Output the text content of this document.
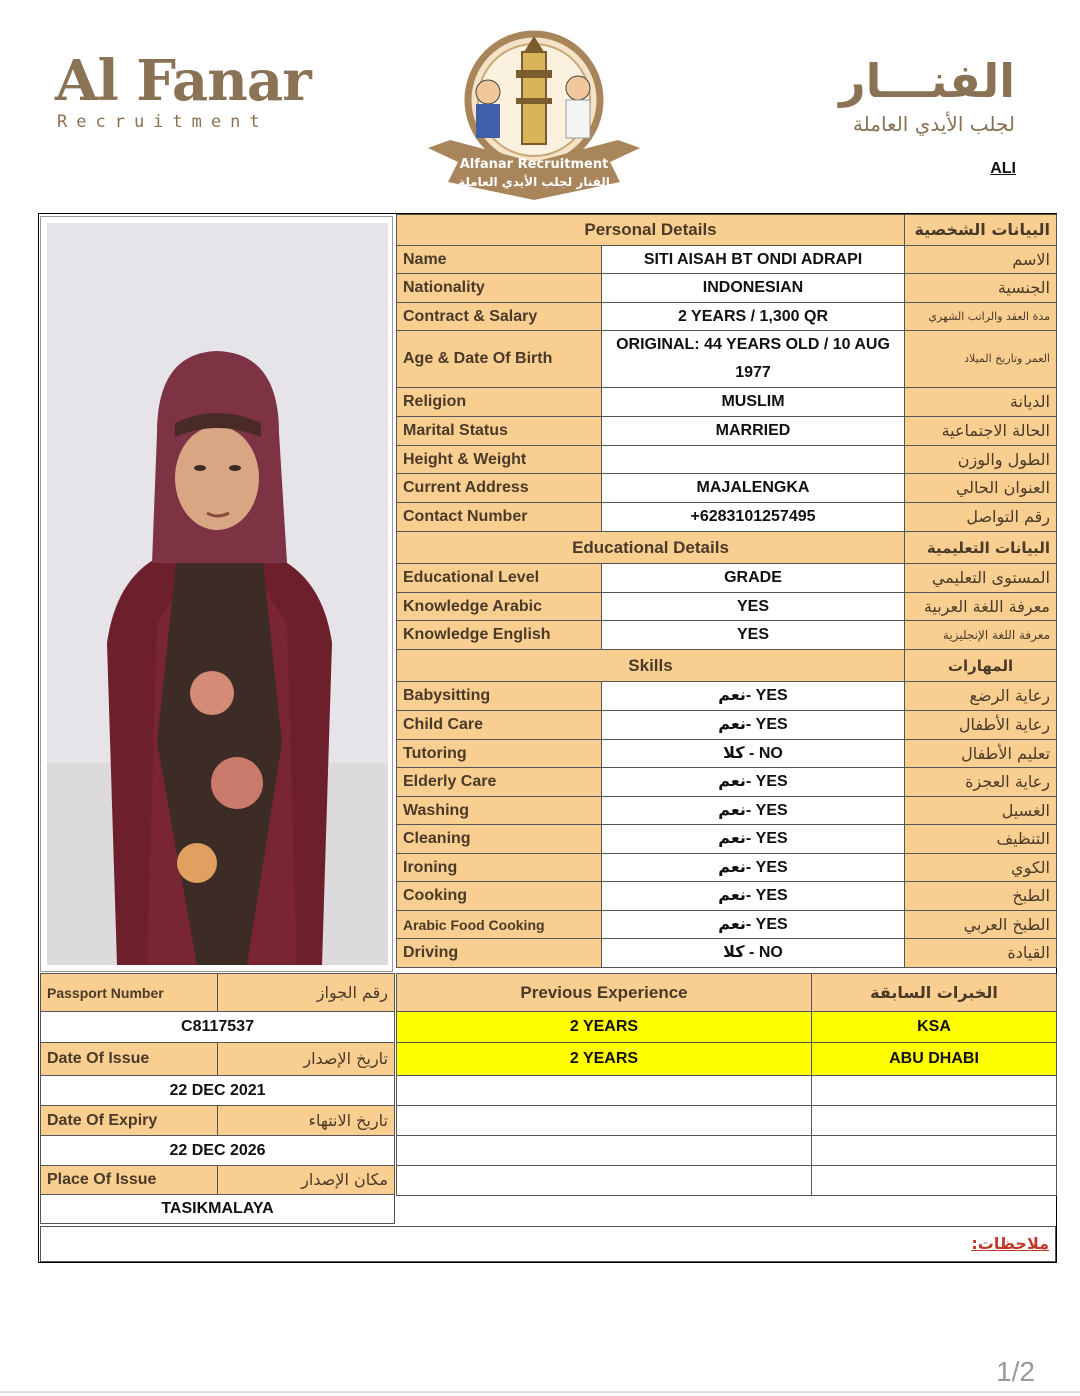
Al Fanar
Recruitment
Alfanar Recruitment
الفنار لجلب الأيدي العاملة
الفنـــار
لجلب الأيدي العاملة
ALI
Personal Details		البيانات الشخصية
Name	SITI AISAH BT ONDI ADRAPI	الاسم
Nationality	INDONESIAN	الجنسية
Contract & Salary	2 YEARS / 1,300 QR	مدة العقد والراتب الشهري
Age & Date Of Birth	ORIGINAL: 44 YEARS OLD / 10 AUG 1977	العمر وتاريخ الميلاد
Religion	MUSLIM	الديانة
Marital Status	MARRIED	الحالة الاجتماعية
Height & Weight		الطول والوزن
Current Address	MAJALENGKA	العنوان الحالي
Contact Number	+6283101257495	رقم التواصل
Educational Details		البيانات التعليمية
Educational Level	GRADE	المستوى التعليمي
Knowledge Arabic	YES	معرفة اللغة العربية
Knowledge English	YES	معرفة اللغة الإنجليزية
Skills		المهارات
Babysitting	نعم- YES	رعاية الرضع
Child Care	نعم- YES	رعاية الأطفال
Tutoring	كلا - NO	تعليم الأطفال
Elderly Care	نعم- YES	رعاية العجزة
Washing	نعم- YES	الغسيل
Cleaning	نعم- YES	التنظيف
Ironing	نعم- YES	الكوي
Cooking	نعم- YES	الطبخ
Arabic Food Cooking	نعم- YES	الطبخ العربي
Driving	كلا - NO	القيادة
Passport Number	رقم الجواز
C8117537	
Date Of Issue	تاريخ الإصدار
22 DEC 2021	
Date Of Expiry	تاريخ الانتهاء
22 DEC 2026	
Place Of Issue	مكان الإصدار
TASIKMALAYA	
Previous Experience	الخبرات السابقة
2 YEARS	KSA
2 YEARS	ABU DHABI

ملاحظات:
1/2
